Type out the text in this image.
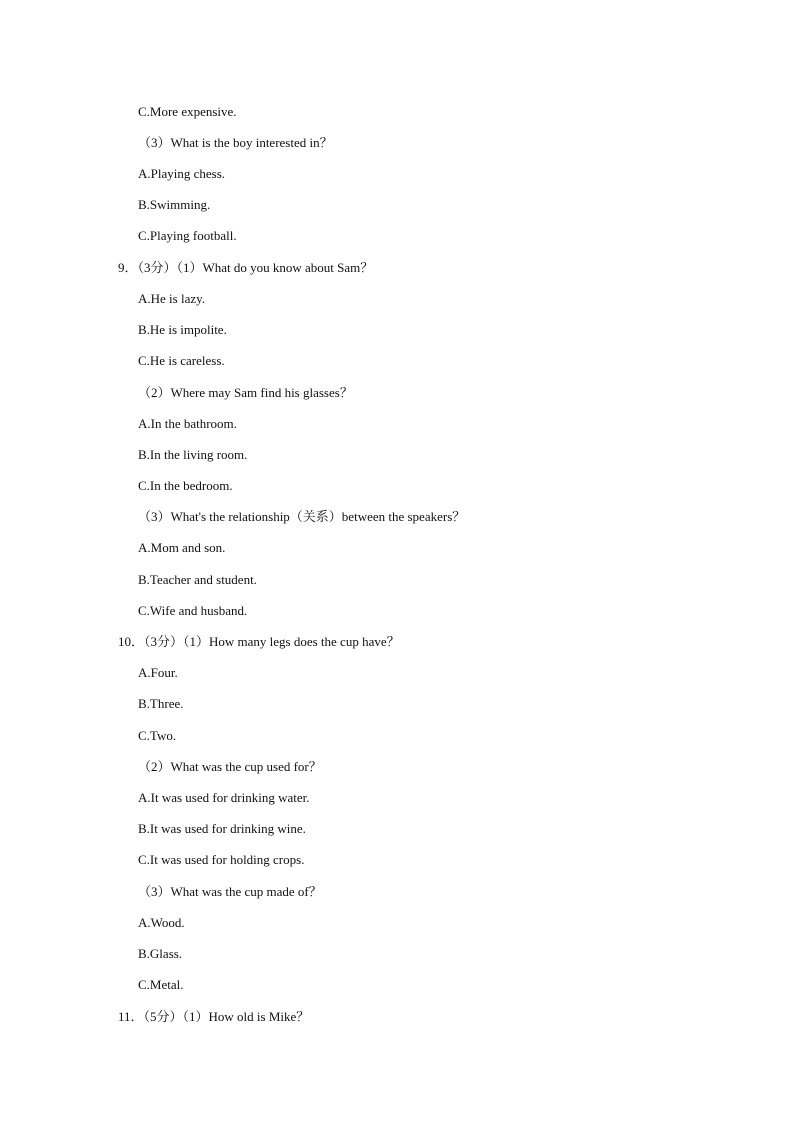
C.More expensive.
（3）What is the boy interested in？
A.Playing chess.
B.Swimming.
C.Playing football.
9．（3分）（1）What do you know about Sam？
A.He is lazy.
B.He is impolite.
C.He is careless.
（2）Where may Sam find his glasses？
A.In the bathroom.
B.In the living room.
C.In the bedroom.
（3）What's the relationship（关系）between the speakers？
A.Mom and son.
B.Teacher and student.
C.Wife and husband.
10．（3分）（1）How many legs does the cup have？
A.Four.
B.Three.
C.Two.
（2）What was the cup used for？
A.It was used for drinking water.
B.It was used for drinking wine.
C.It was used for holding crops.
（3）What was the cup made of？
A.Wood.
B.Glass.
C.Metal.
11．（5分）（1）How old is Mike？
